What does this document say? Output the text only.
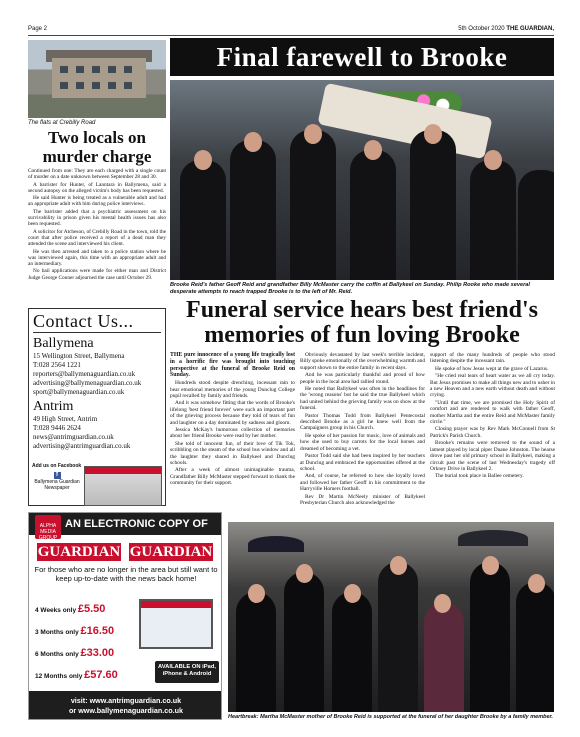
Page 2	5th October 2020 THE GUARDIAN,
The flats at Crebilly Road
Two locals on murder charge

Continued from one: They are each charged with a single count of murder on a date unknown between September 28 and 30.

A barrister for Hunter, of Lanntara in Ballymena, said a second autopsy on the alleged victim's body has been requested.

He said Hunter is being treated as a vulnerable adult and had an appropriate adult with him during police interviews.

The barrister added that a psychiatric assessment on his survivability in prison given his mental health issues has also been requested.

A solicitor for Atcheson, of Crebilly Road in the town, told the court that after police received a report of a dead man they attended the scene and interviewed his client.

He was then arrested and taken to a police station where he was interviewed again, this time with an appropriate adult and an intermediary.

No bail applications were made for either man and District Judge George Conner adjourned the case until October 29.

Contact Us...
Ballymena
15 Wellington Street, Ballymena
T:028 2564 1221
reporters@ballymenaguardian.co.uk
advertising@ballymenaguardian.co.uk
sport@ballymenaguardian.co.uk
Antrim
49 High Street, Antrim
T:028 9446 2624
news@antrimguardian.co.uk
advertising@antrimguardian.co.uk
Add us on Facebook
f
Ballymena Guardian Newspaper
Final farewell to Brooke
Brooke Reid's father Geoff Reid and grandfather Billy McMaster carry the coffin at Ballykeel on Sunday. Philip Rooke who made several desperate attempts to reach trapped Brooke is to the left of Mr. Reid.
Funeral service hears best friend's memories of fun loving Brooke

THE pure innocence of a young life tragically lost in a horrific fire was brought into touching perspective at the funeral of Brooke Reid on Sunday.

Hundreds stood despite drenching, incessant rain to hear emotional memories of the young Dunclug College pupil recalled by family and friends.

And it was somehow fitting that the words of Brooke's lifelong 'best friend forever' were such an important part of the grieving process because they told of tears of fun and laughter on a day dominated by sadness and gloom.

Jessica McKay's humorous collection of memories about her friend Brooke were read by her mother.

She told of innocent fun, of their love of Tik Tok, scribbling on the steam of the school bus window and all the laughter they shared in Ballykeel and Dunclug schools.

After a week of almost unimaginable trauma, Grandfather Billy McMaster stepped forward to thank the community for their support.

Obviously devastated by last week's terrible incident, Billy spoke emotionally of the overwhelming warmth and support shown to the entire family in recent days.

And he was particularly thankful and proud of how people in the local area had rallied round.

He noted that Ballykeel was often in the headlines for the 'wrong reasons' but he said the true Ballykeel which had united behind the grieving family was on show at the funeral.

Pastor Thomas Todd from Ballykeel Pentecostal described Brooke as a girl he knew well from the Campaigners group in his Church.

He spoke of her passion for music, love of animals and how she used to buy carrots for the local horses and dreamed of becoming a vet.

Pastor Todd said she had been inspired by her teachers at Dunclug and embraced the opportunities offered at the school.

And, of course, he referred to how she loyally loved and followed her father Geoff in his commitment to the Harryville Homers football.

Rev Dr Martin McNeely minister of Ballykeel Presbyterian Church also acknowledged the

support of the many hundreds of people who stood listening despite the incessant rain.

He spoke of how Jesus wept at the grave of Lazarus.

"He cried real tears of heart water as we all cry today. But Jesus promises to make all things new and to usher in a new Heaven and a new earth without death and without crying.

"Until that time, we are promised the Holy Spirit of comfort and are rendered to walk with father Geoff, mother Martha and the entire Reid and McMaster family circle."

Closing prayer was by Rev Mark McConnell from St Patrick's Parish Church.

Brooke's remains were removed to the sound of a lament played by local piper Duane Johnston. The hearse drove past her old primary school in Ballykeel, making a circuit past the scene of last Wednesday's tragedy off Orkney Drive in Ballykeel 2.

The burial took place in Ballee cemetery.

AN ELECTRONIC COPY OF
ALPHA MEDIA GROUP
GUARDIAN GUARDIAN
For those who are no longer in the area but still want to keep up-to-date with the news back home!
4 Weeks only £5.50
3 Months only £16.50
6 Months only £33.00
12 Months only £57.60
AVAILABLE ON iPad, iPhone & Android
visit: www.antrimguardian.co.uk
or www.ballymenaguardian.co.uk
Heartbreak: Martha McMaster mother of Brooke Reid is supported at the funeral of her daughter Brooke by a family member.
